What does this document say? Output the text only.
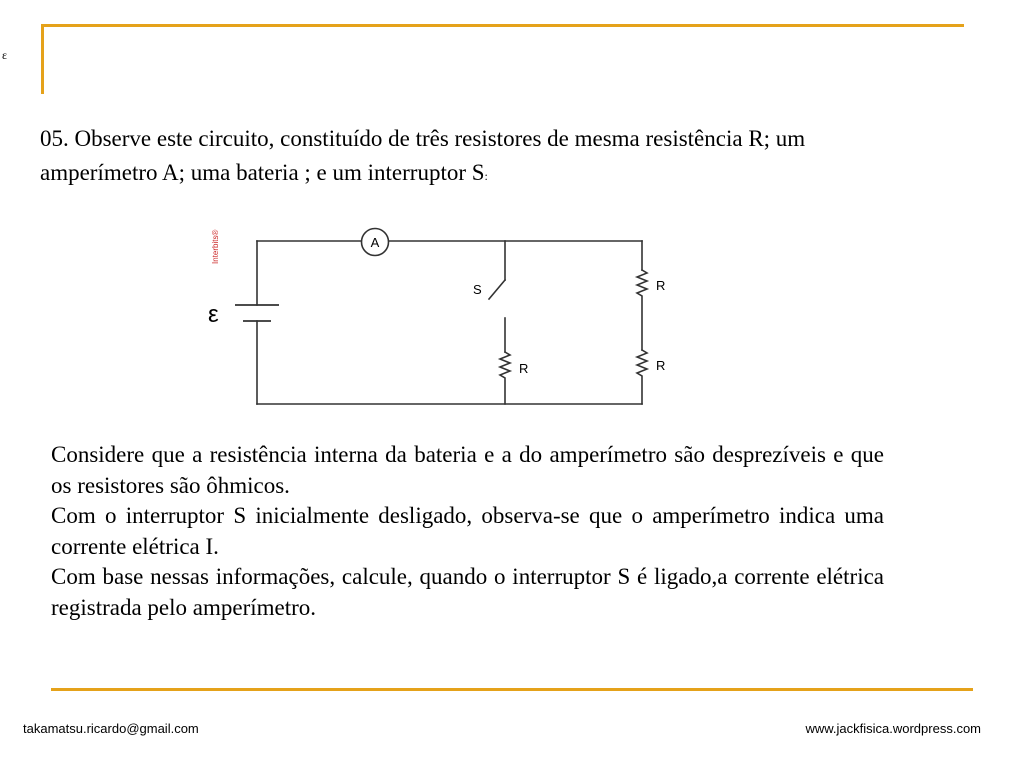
ε
05. Observe este circuito, constituído de três resistores de mesma resistência R; um
amperímetro A; uma bateria ; e um interruptor S:
A
S
ε
R
R
R
Interbits®

Considere que a resistência interna da bateria e a do amperímetro são desprezíveis e que os resistores são ôhmicos.

Com o interruptor S inicialmente desligado, observa-se que o amperímetro indica uma corrente elétrica I.

Com base nessas informações, calcule, quando o interruptor S é ligado,a corrente elétrica registrada pelo amperímetro.

takamatsu.ricardo@gmail.com	www.jackfisica.wordpress.com
